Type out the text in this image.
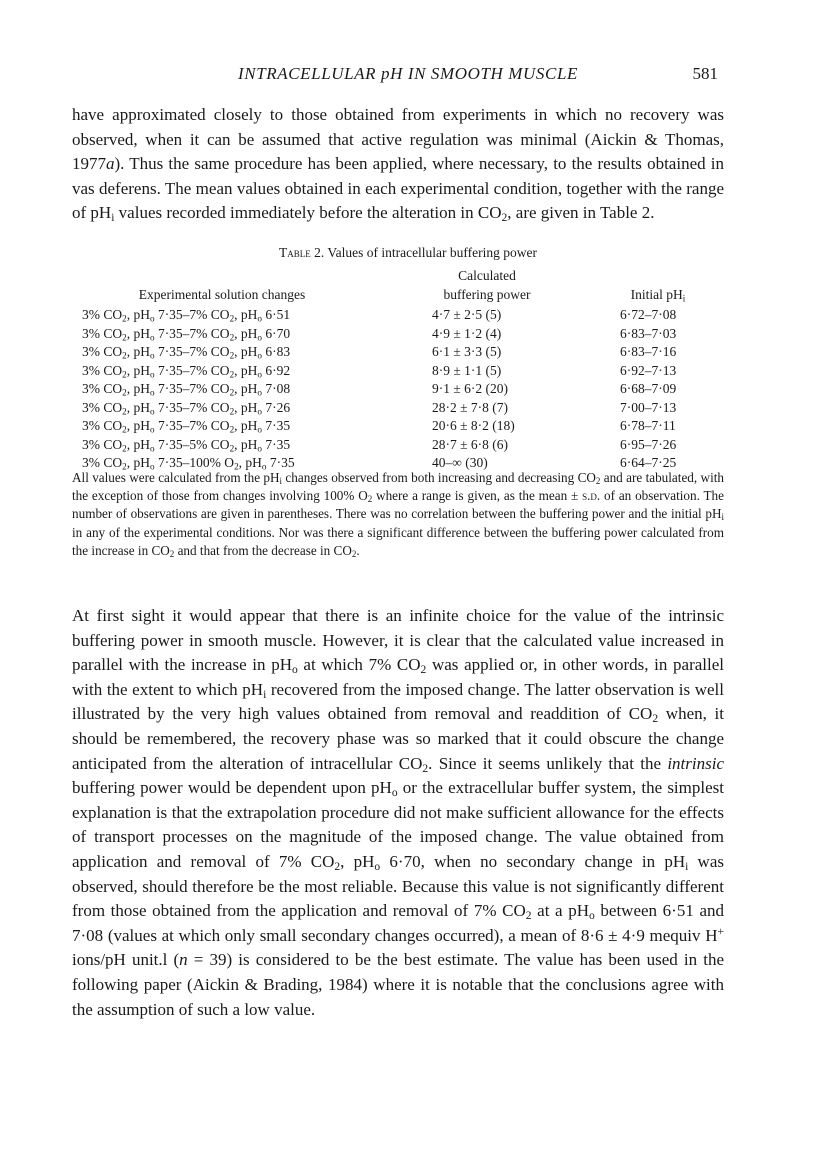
INTRACELLULAR pH IN SMOOTH MUSCLE	581

have approximated closely to those obtained from experiments in which no recovery was observed, when it can be assumed that active regulation was minimal (Aickin & Thomas, 1977a). Thus the same procedure has been applied, where necessary, to the results obtained in vas deferens. The mean values obtained in each experimental condition, together with the range of $pH_i$ values recorded immediately before the alteration in $CO_2$, are given in Table 2.

Table 2. Values of intracellular buffering power
Experimental solution changes
Calculated
buffering power	Initial $pH_i$
3% $CO_2$, $pH_o$ 7·35–7% $CO_2$, $pH_o$ 6·51	4·7 ± 2·5 (5)	6·72–7·08
3% $CO_2$, $pH_o$ 7·35–7% $CO_2$, $pH_o$ 6·70	4·9 ± 1·2 (4)	6·83–7·03
3% $CO_2$, $pH_o$ 7·35–7% $CO_2$, $pH_o$ 6·83	6·1 ± 3·3 (5)	6·83–7·16
3% $CO_2$, $pH_o$ 7·35–7% $CO_2$, $pH_o$ 6·92	8·9 ± 1·1 (5)	6·92–7·13
3% $CO_2$, $pH_o$ 7·35–7% $CO_2$, $pH_o$ 7·08	9·1 ± 6·2 (20)	6·68–7·09
3% $CO_2$, $pH_o$ 7·35–7% $CO_2$, $pH_o$ 7·26	28·2 ± 7·8 (7)	7·00–7·13
3% $CO_2$, $pH_o$ 7·35–7% $CO_2$, $pH_o$ 7·35	20·6 ± 8·2 (18)	6·78–7·11
3% $CO_2$, $pH_o$ 7·35–5% $CO_2$, $pH_o$ 7·35	28·7 ± 6·8 (6)	6·95–7·26
3% $CO_2$, $pH_o$ 7·35–100% $O_2$, $pH_o$ 7·35	40–∞ (30)	6·64–7·25

All values were calculated from the $pH_i$ changes observed from both increasing and decreasing $CO_2$ and are tabulated, with the exception of those from changes involving 100% $O_2$ where a range is given, as the mean ± s.d. of an observation. The number of observations are given in parentheses. There was no correlation between the buffering power and the initial $pH_i$ in any of the experimental conditions. Nor was there a significant difference between the buffering power calculated from the increase in $CO_2$ and that from the decrease in $CO_2$.

At first sight it would appear that there is an infinite choice for the value of the intrinsic buffering power in smooth muscle. However, it is clear that the calculated value increased in parallel with the increase in $pH_o$ at which 7% $CO_2$ was applied or, in other words, in parallel with the extent to which $pH_i$ recovered from the imposed change. The latter observation is well illustrated by the very high values obtained from removal and readdition of $CO_2$ when, it should be remembered, the recovery phase was so marked that it could obscure the change anticipated from the alteration of intracellular $CO_2$. Since it seems unlikely that the intrinsic buffering power would be dependent upon $pH_o$ or the extracellular buffer system, the simplest explanation is that the extrapolation procedure did not make sufficient allowance for the effects of transport processes on the magnitude of the imposed change. The value obtained from application and removal of 7% $CO_2$, $pH_o$ 6·70, when no secondary change in $pH_i$ was observed, should therefore be the most reliable. Because this value is not significantly different from those obtained from the application and removal of 7% $CO_2$ at a $pH_o$ between 6·51 and 7·08 (values at which only small secondary changes occurred), a mean of 8·6 ± 4·9 mequiv H+ ions/pH unit.l (n = 39) is considered to be the best estimate. The value has been used in the following paper (Aickin & Brading, 1984) where it is notable that the conclusions agree with the assumption of such a low value.
